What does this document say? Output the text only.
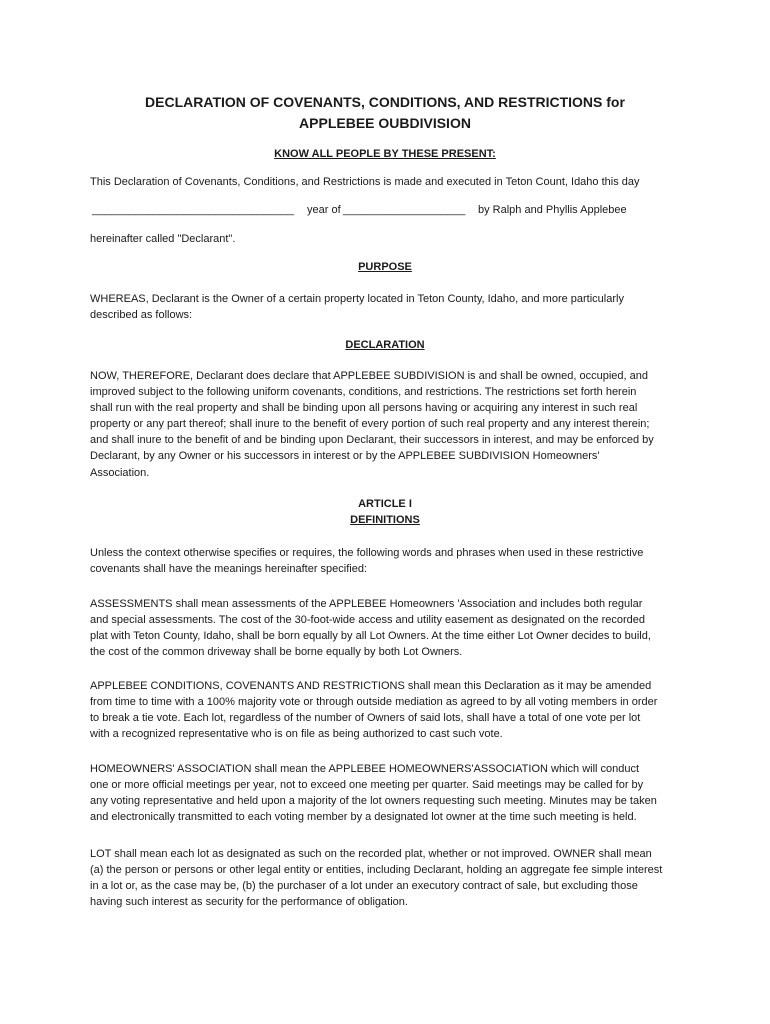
DECLARATION OF COVENANTS, CONDITIONS, AND RESTRICTIONS for
APPLEBEE OUBDIVISION
KNOW ALL PEOPLE BY THESE PRESENT:
This Declaration of Covenants, Conditions, and Restrictions is made and executed in Teton Count, Idaho this day
_________________________________ year of ____________________ by Ralph and Phyllis Applebee
hereinafter called "Declarant".
PURPOSE
WHEREAS, Declarant is the Owner of a certain property located in Teton County, Idaho, and more particularly
described as follows:
DECLARATION
NOW, THEREFORE, Declarant does declare that APPLEBEE SUBDIVISION is and shall be owned, occupied, and
improved subject to the following uniform covenants, conditions, and restrictions. The restrictions set forth herein
shall run with the real property and shall be binding upon all persons having or acquiring any interest in such real
property or any part thereof; shall inure to the benefit of every portion of such real property and any interest therein;
and shall inure to the benefit of and be binding upon Declarant, their successors in interest, and may be enforced by
Declarant, by any Owner or his successors in interest or by the APPLEBEE SUBDIVISION Homeowners'
Association.
ARTICLE I
DEFINITIONS
Unless the context otherwise specifies or requires, the following words and phrases when used in these restrictive
covenants shall have the meanings hereinafter specified:
ASSESSMENTS shall mean assessments of the APPLEBEE Homeowners 'Association and includes both regular
and special assessments. The cost of the 30-foot-wide access and utility easement as designated on the recorded
plat with Teton County, Idaho, shall be born equally by all Lot Owners. At the time either Lot Owner decides to build,
the cost of the common driveway shall be borne equally by both Lot Owners.
APPLEBEE CONDITIONS, COVENANTS AND RESTRICTIONS shall mean this Declaration as it may be amended
from time to time with a 100% majority vote or through outside mediation as agreed to by all voting members in order
to break a tie vote. Each lot, regardless of the number of Owners of said lots, shall have a total of one vote per lot
with a recognized representative who is on file as being authorized to cast such vote.
HOMEOWNERS' ASSOCIATION shall mean the APPLEBEE HOMEOWNERS'ASSOCIATION which will conduct
one or more official meetings per year, not to exceed one meeting per quarter. Said meetings may be called for by
any voting representative and held upon a majority of the lot owners requesting such meeting. Minutes may be taken
and electronically transmitted to each voting member by a designated lot owner at the time such meeting is held.
LOT shall mean each lot as designated as such on the recorded plat, whether or not improved. OWNER shall mean
(a) the person or persons or other legal entity or entities, including Declarant, holding an aggregate fee simple interest
in a lot or, as the case may be, (b) the purchaser of a lot under an executory contract of sale, but excluding those
having such interest as security for the performance of obligation.
